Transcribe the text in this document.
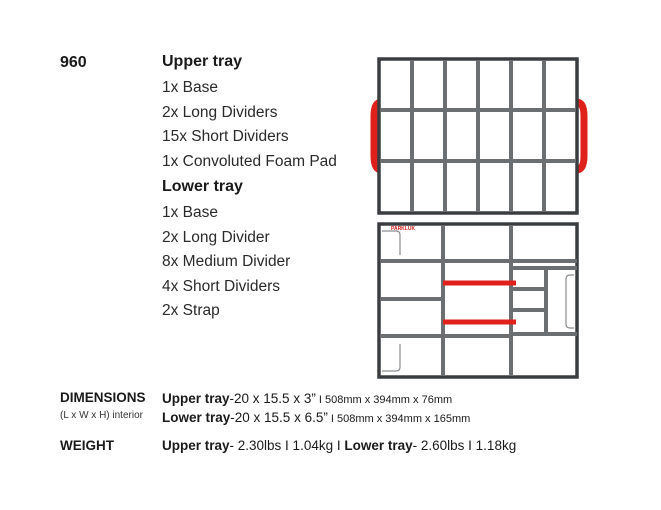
960	Upper tray
1x Base
2x Long Dividers
15x Short Dividers
1x Convoluted Foam Pad
Lower tray
1x Base
2x Long Divider
8x Medium Divider
4x Short Dividers
2x Strap
PARKLUK
DIMENSIONS
(L x W x H) interior
Upper tray-20 x 15.5 x 3” I 508mm x 394mm x 76mm
Lower tray-20 x 15.5 x 6.5” I 508mm x 394mm x 165mm
WEIGHT	Upper tray- 2.30lbs I 1.04kg I Lower tray- 2.60lbs I 1.18kg
